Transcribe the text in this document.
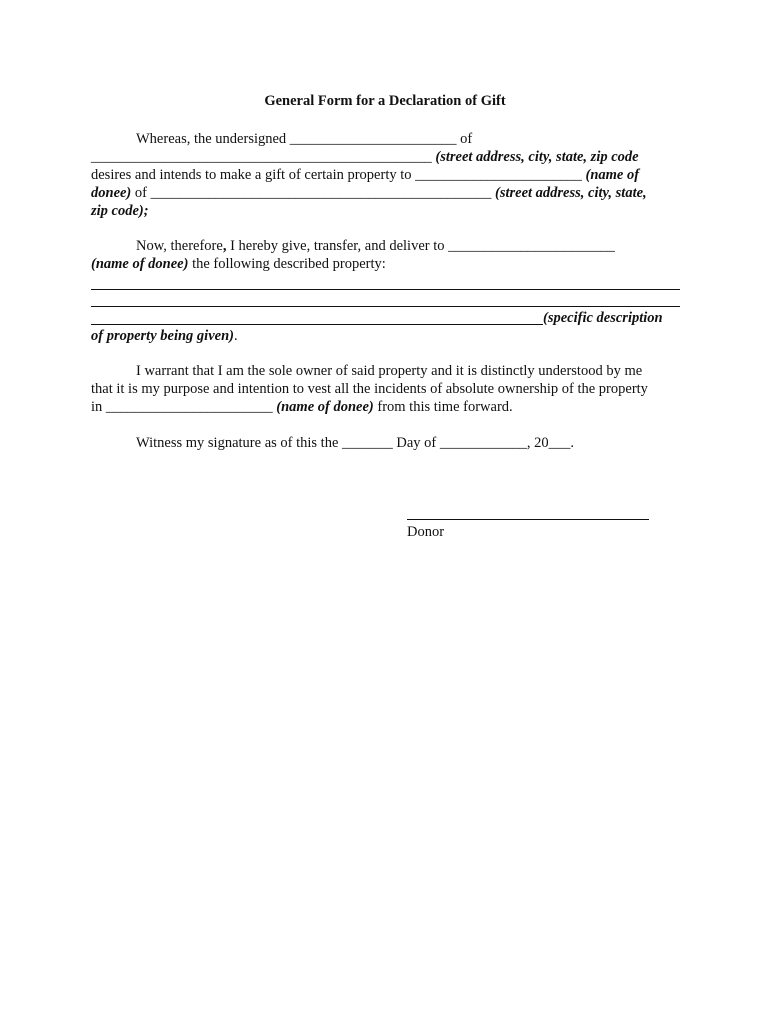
General Form for a Declaration of Gift
Whereas, the undersigned _______________________ of
_______________________________________________ (street address, city, state, zip code
desires and intends to make a gift of certain property to _______________________ (name of
donee) of _______________________________________________ (street address, city, state,
zip code);
Now, therefore, I hereby give, transfer, and deliver to _______________________
(name of donee) the following described property:
(specific description
of property being given).
I warrant that I am the sole owner of said property and it is distinctly understood by me
that it is my purpose and intention to vest all the incidents of absolute ownership of the property
in _______________________ (name of donee) from this time forward.
Witness my signature as of this the _______ Day of ____________, 20___.
Donor
